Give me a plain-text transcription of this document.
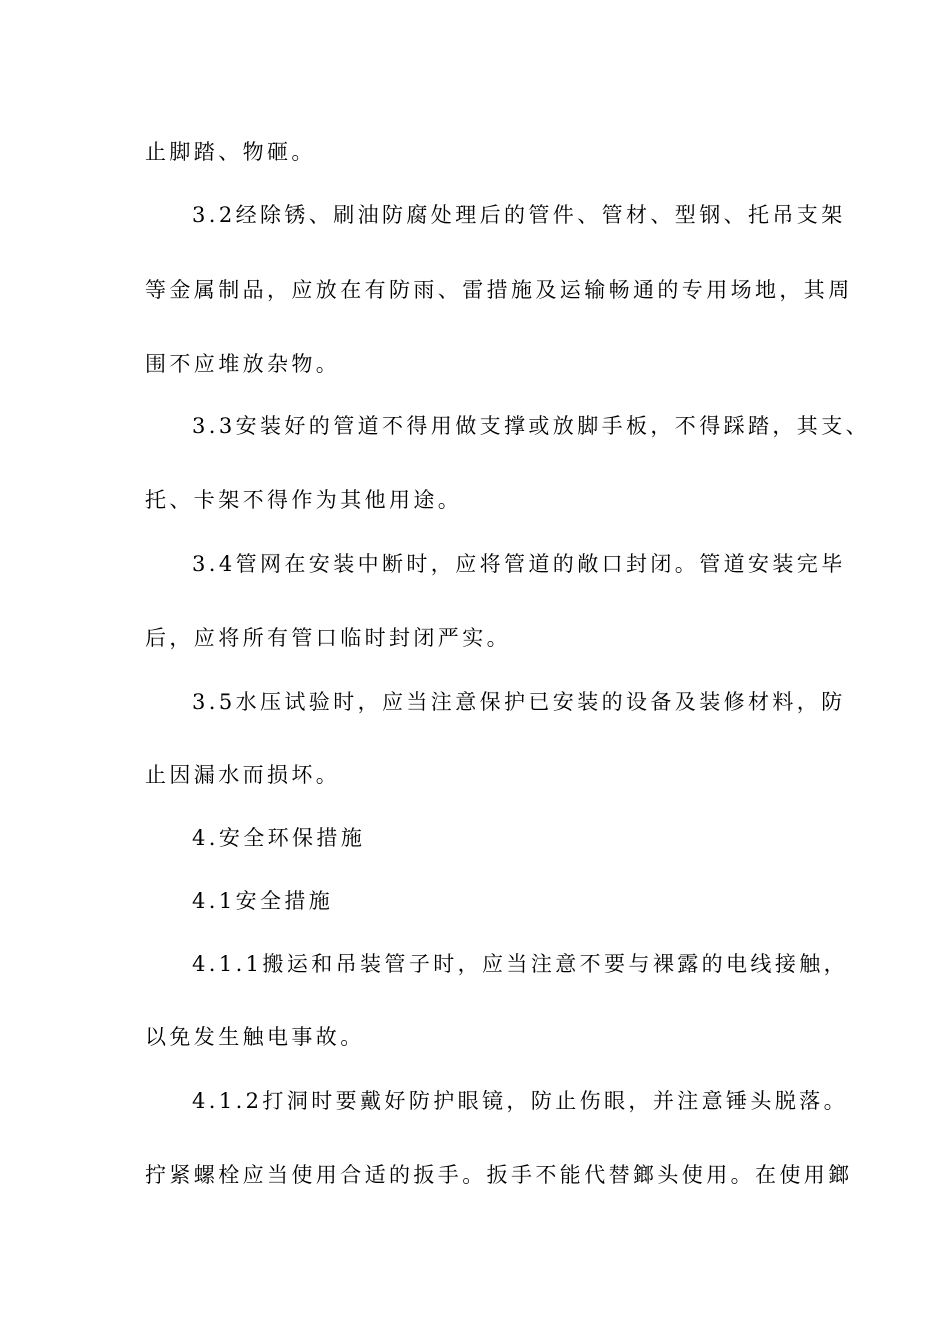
止脚踏、物砸。
3.2经除锈、刷油防腐处理后的管件、管材、型钢、托吊支架
等金属制品，应放在有防雨、雷措施及运输畅通的专用场地，其周
围不应堆放杂物。
3.3安装好的管道不得用做支撑或放脚手板，不得踩踏，其支、
托、卡架不得作为其他用途。
3.4管网在安装中断时，应将管道的敞口封闭。管道安装完毕
后，应将所有管口临时封闭严实。
3.5水压试验时，应当注意保护已安装的设备及装修材料，防
止因漏水而损坏。
4.安全环保措施
4.1安全措施
4.1.1搬运和吊装管子时，应当注意不要与裸露的电线接触，
以免发生触电事故。
4.1.2打洞时要戴好防护眼镜，防止伤眼，并注意锤头脱落。
拧紧螺栓应当使用合适的扳手。扳手不能代替鎯头使用。在使用鎯
